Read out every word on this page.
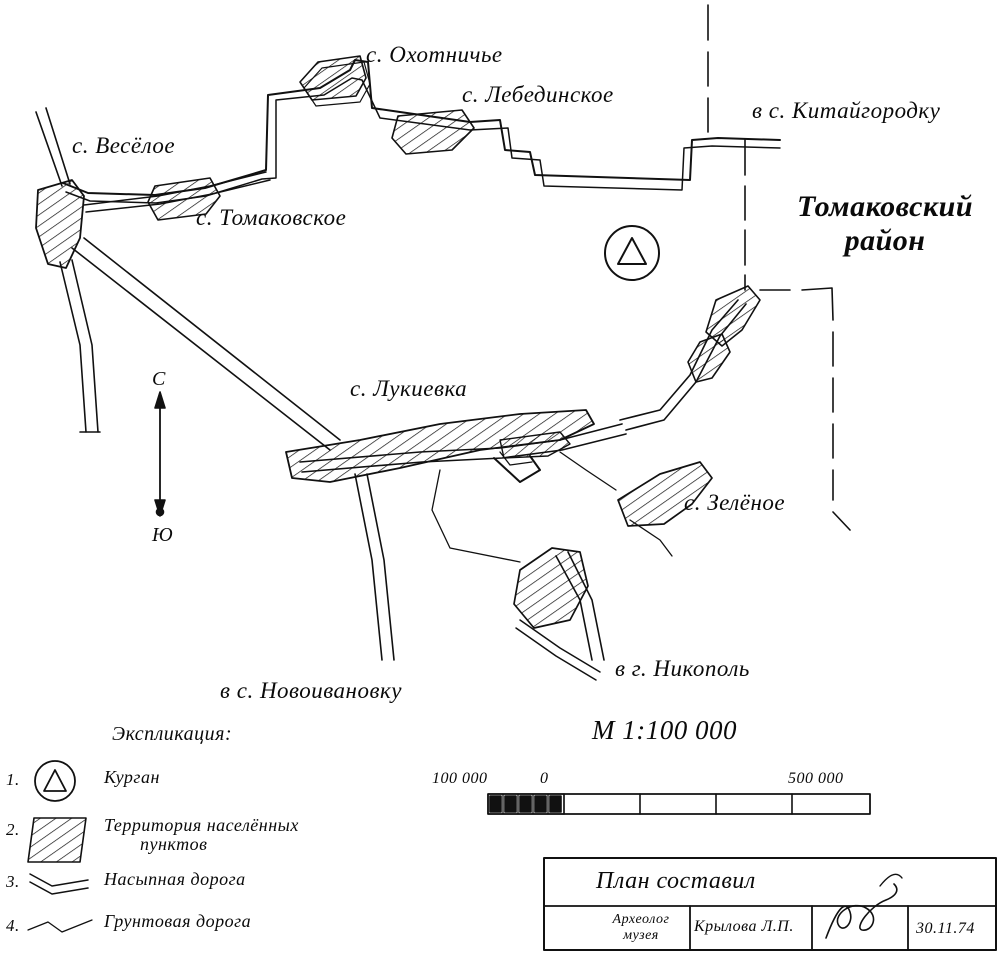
с. Охотничье
с. Лебединское
в с. Китайгородку
с. Весёлое
с. Томаковское
с. Лукиевка
с. Зелёное
в с. Новоивановку
в г. Никополь
Томаковский
район
С
Ю
М 1:100 000
100 000	0	500 000
Экспликация:
1.	Курган
2.	Территория населённых
пунктов
3.	Насыпная дорога
4.	Грунтовая дорога
План составил
Археолог
музея
Крылова Л.П.	30.11.74
